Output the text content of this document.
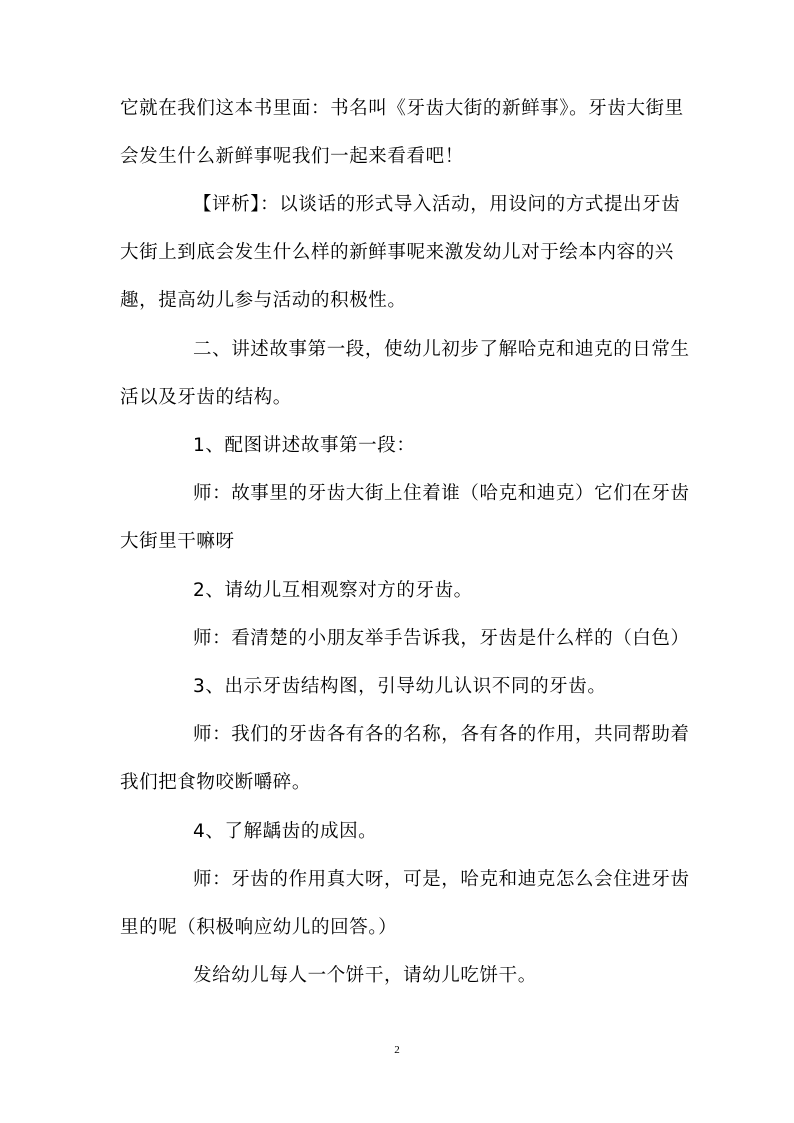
它就在我们这本书里面：书名叫《牙齿大街的新鲜事》。牙齿大街里
会发生什么新鲜事呢我们一起来看看吧！
【评析】：以谈话的形式导入活动，用设问的方式提出牙齿
大街上到底会发生什么样的新鲜事呢来激发幼儿对于绘本内容的兴
趣，提高幼儿参与活动的积极性。
二、讲述故事第一段，使幼儿初步了解哈克和迪克的日常生
活以及牙齿的结构。
1、配图讲述故事第一段：
师：故事里的牙齿大街上住着谁（哈克和迪克）它们在牙齿
大街里干嘛呀
2、请幼儿互相观察对方的牙齿。
师：看清楚的小朋友举手告诉我，牙齿是什么样的（白色）
3、出示牙齿结构图，引导幼儿认识不同的牙齿。
师：我们的牙齿各有各的名称，各有各的作用，共同帮助着
我们把食物咬断嚼碎。
4、了解龋齿的成因。
师：牙齿的作用真大呀，可是，哈克和迪克怎么会住进牙齿
里的呢（积极响应幼儿的回答。）
发给幼儿每人一个饼干，请幼儿吃饼干。
2
